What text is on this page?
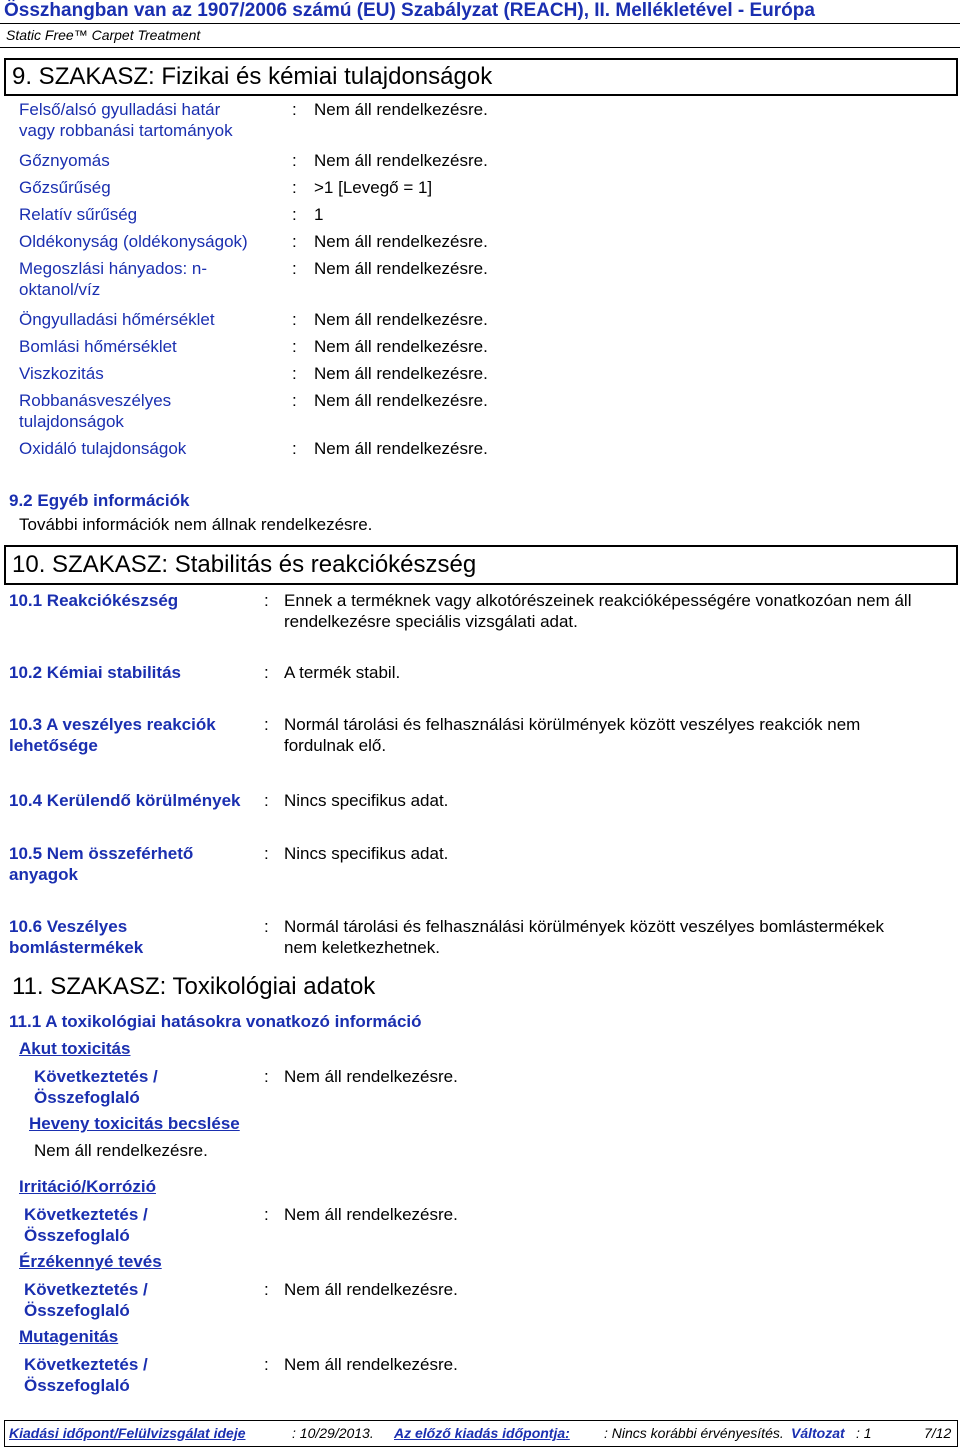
Összhangban van az 1907/2006 számú (EU) Szabályzat (REACH), II. Mellékletével - Európa
Static Free™ Carpet Treatment
9. SZAKASZ: Fizikai és kémiai tulajdonságok
Felső/alsó gyulladási határ
vagy robbanási tartományok
: Nem áll rendelkezésre.
Gőznyomás	: Nem áll rendelkezésre.
Gőzsűrűség	: >1 [Levegő = 1]
Relatív sűrűség	: 1
Oldékonyság (oldékonyságok)	: Nem áll rendelkezésre.
Megoszlási hányados: n-
oktanol/víz
: Nem áll rendelkezésre.
Öngyulladási hőmérséklet	: Nem áll rendelkezésre.
Bomlási hőmérséklet	: Nem áll rendelkezésre.
Viszkozitás	: Nem áll rendelkezésre.
Robbanásveszélyes
tulajdonságok
: Nem áll rendelkezésre.
Oxidáló tulajdonságok	: Nem áll rendelkezésre.
9.2 Egyéb információk
További információk nem állnak rendelkezésre.
10. SZAKASZ: Stabilitás és reakciókészség
10.1 Reakciókészség	: Ennek a terméknek vagy alkotórészeinek reakcióképességére vonatkozóan nem áll
rendelkezésre speciális vizsgálati adat.
10.2 Kémiai stabilitás	: A termék stabil.
10.3 A veszélyes reakciók
lehetősége
: Normál tárolási és felhasználási körülmények között veszélyes reakciók nem
fordulnak elő.
10.4 Kerülendő körülmények : Nincs specifikus adat.
10.5 Nem összeférhető
anyagok
: Nincs specifikus adat.
10.6 Veszélyes
bomlástermékek
: Normál tárolási és felhasználási körülmények között veszélyes bomlástermékek
nem keletkezhetnek.
11. SZAKASZ: Toxikológiai adatok
11.1 A toxikológiai hatásokra vonatkozó információ
Akut toxicitás
Következtetés /
Összefoglaló
: Nem áll rendelkezésre.
Heveny toxicitás becslése
Nem áll rendelkezésre.
Irritáció/Korrózió
Következtetés /
Összefoglaló
: Nem áll rendelkezésre.
Érzékennyé tevés
Következtetés /
Összefoglaló
: Nem áll rendelkezésre.
Mutagenitás
Következtetés /
Összefoglaló
: Nem áll rendelkezésre.
Kiadási időpont/Felülvizsgálat ideje	: 10/29/2013. Az előző kiadás időpontja: : Nincs korábbi érvényesítés. Változat : 1	7/12
